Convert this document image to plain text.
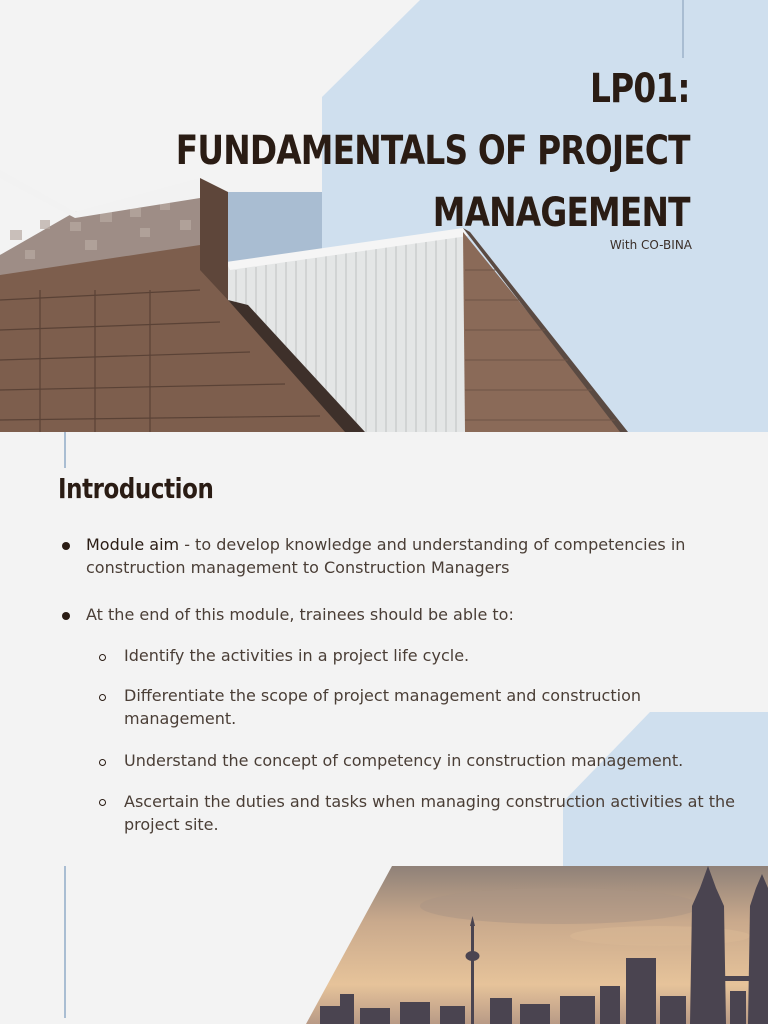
LP01:
FUNDAMENTALS OF PROJECT
MANAGEMENT
With CO-BINA
Introduction
Module aim - to develop knowledge and understanding of competencies in
construction management to Construction Managers
At the end of this module, trainees should be able to:
Identify the activities in a project life cycle.
Differentiate the scope of project management and construction
management.
Understand the concept of competency in construction management.
Ascertain the duties and tasks when managing construction activities at the
project site.
